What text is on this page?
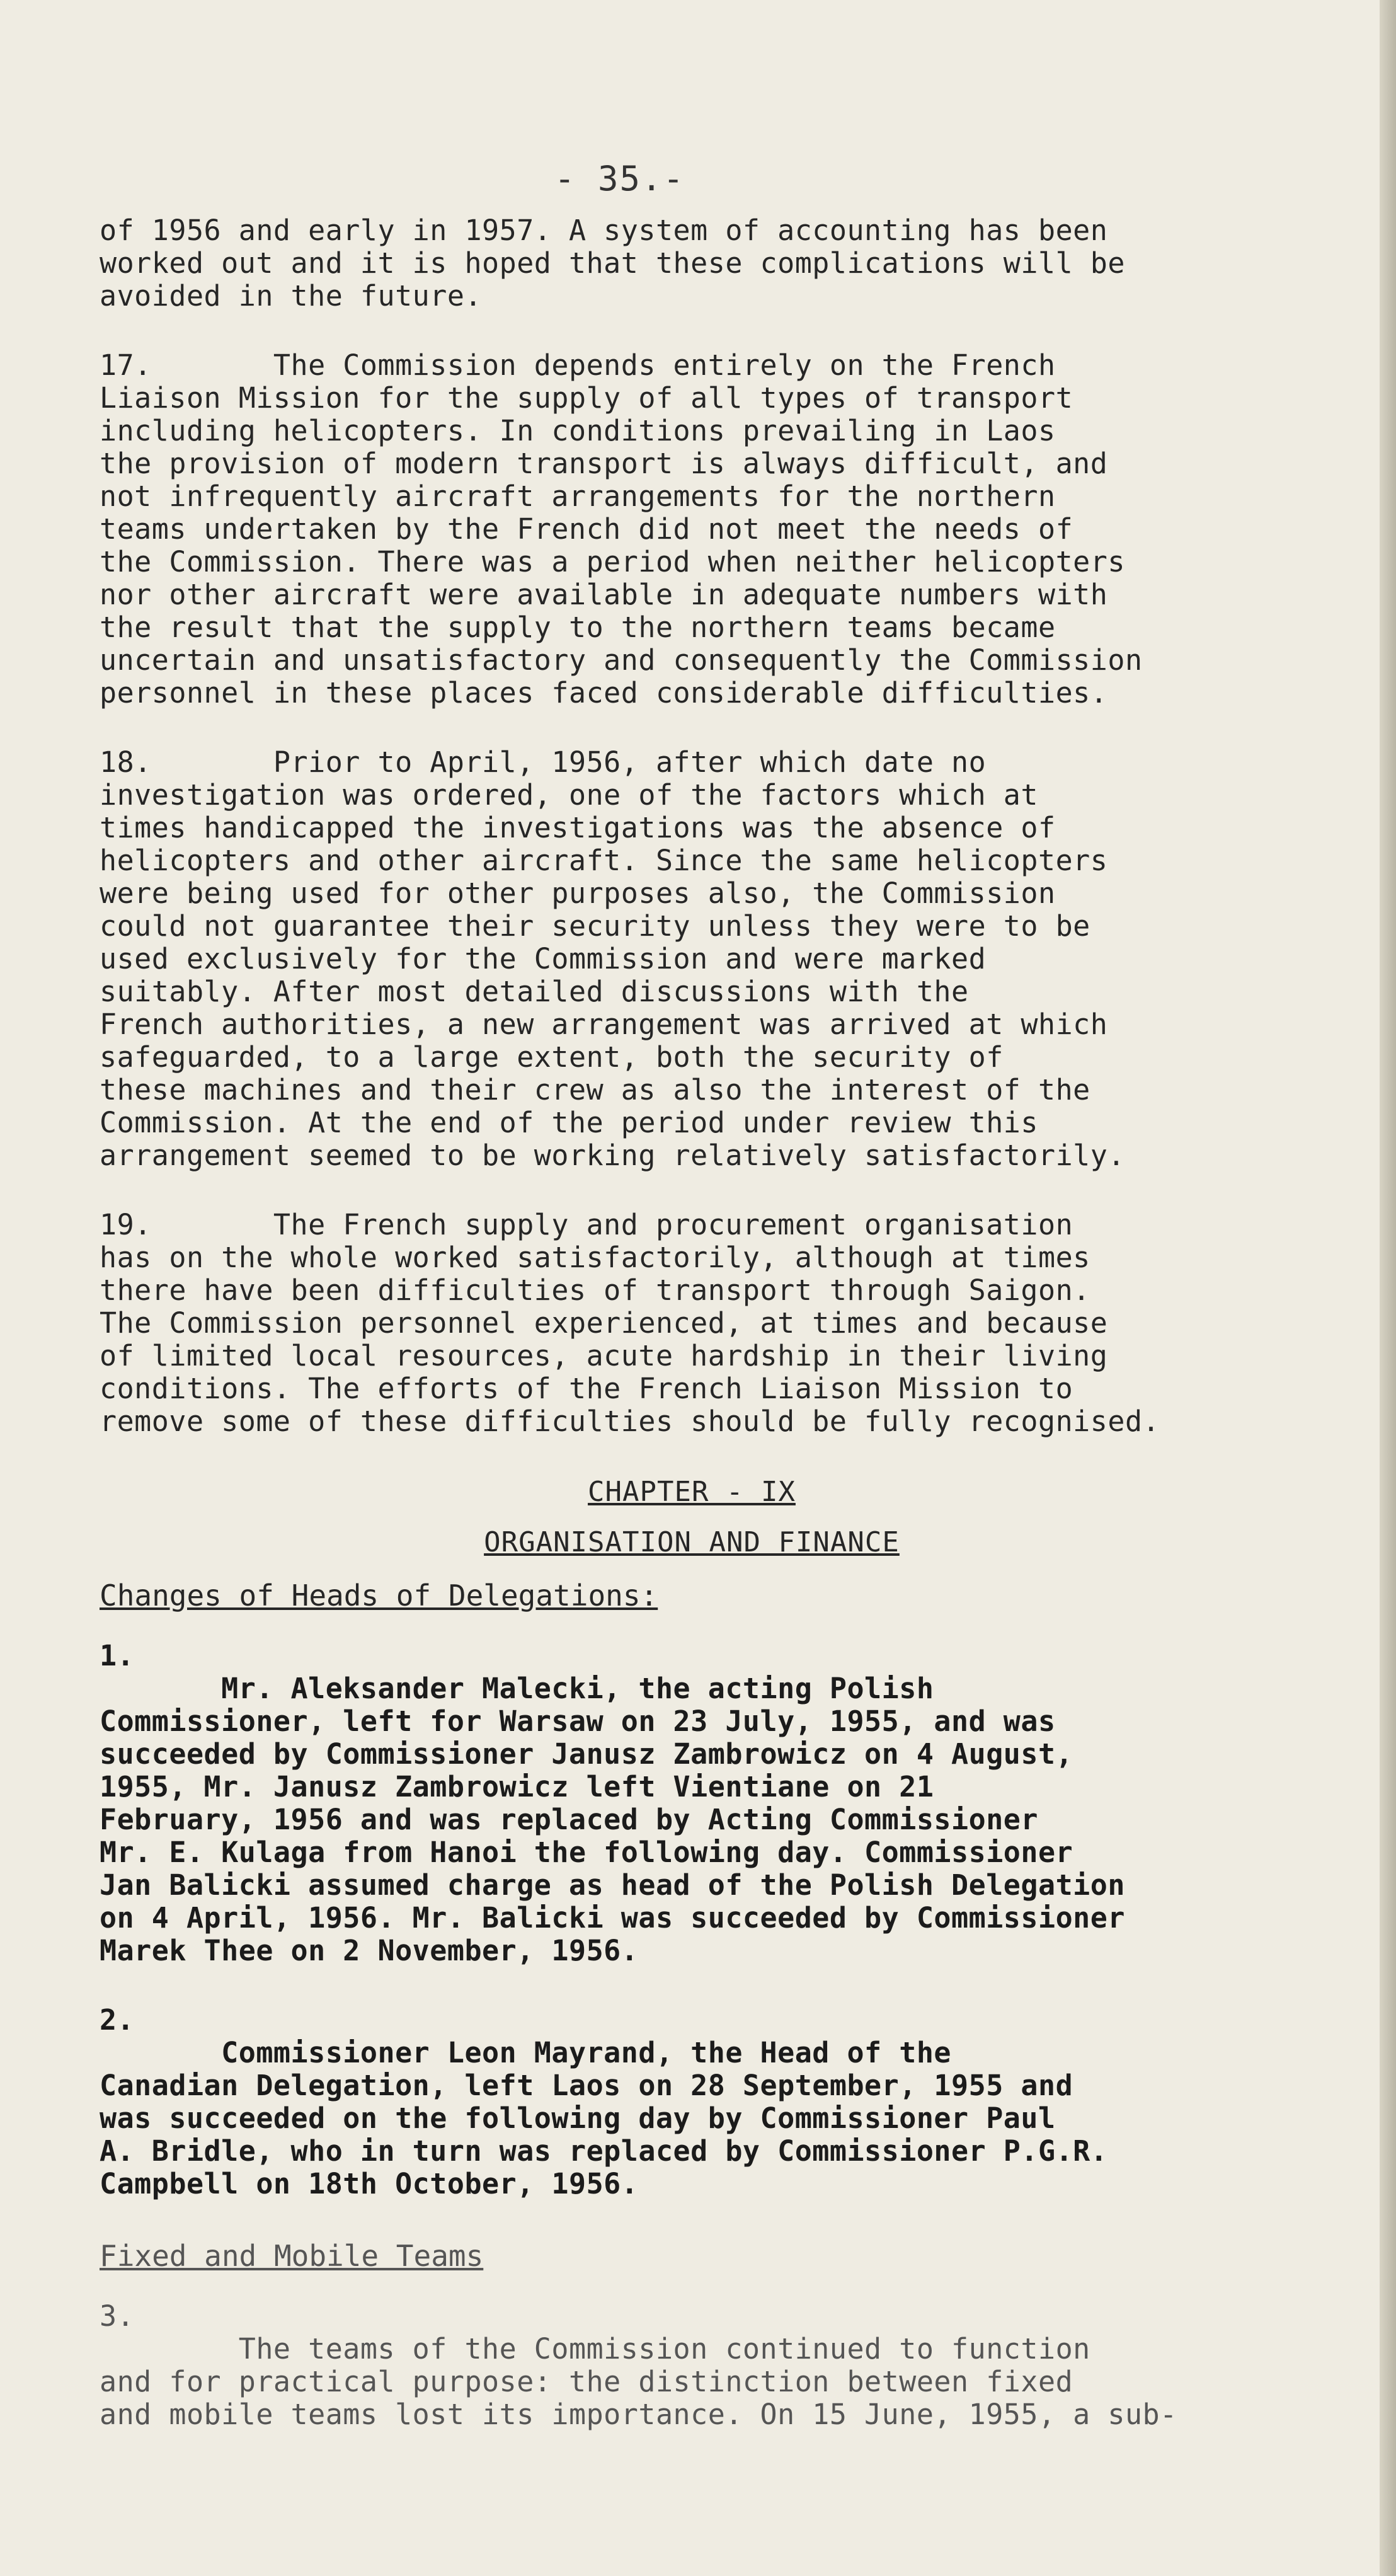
- 35.-
of 1956 and early in 1957. A system of accounting has been
worked out and it is hoped that these complications will be
avoided in the future.
17.       The Commission depends entirely on the French
Liaison Mission for the supply of all types of transport
including helicopters. In conditions prevailing in Laos
the provision of modern transport is always difficult, and
not infrequently aircraft arrangements for the northern
teams undertaken by the French did not meet the needs of
the Commission. There was a period when neither helicopters
nor other aircraft were available in adequate numbers with
the result that the supply to the northern teams became
uncertain and unsatisfactory and consequently the Commission
personnel in these places faced considerable difficulties.
18.       Prior to April, 1956, after which date no
investigation was ordered, one of the factors which at
times handicapped the investigations was the absence of
helicopters and other aircraft. Since the same helicopters
were being used for other purposes also, the Commission
could not guarantee their security unless they were to be
used exclusively for the Commission and were marked
suitably. After most detailed discussions with the
French authorities, a new arrangement was arrived at which
safeguarded, to a large extent, both the security of
these machines and their crew as also the interest of the
Commission. At the end of the period under review this
arrangement seemed to be working relatively satisfactorily.
19.       The French supply and procurement organisation
has on the whole worked satisfactorily, although at times
there have been difficulties of transport through Saigon.
The Commission personnel experienced, at times and because
of limited local resources, acute hardship in their living
conditions. The efforts of the French Liaison Mission to
remove some of these difficulties should be fully recognised.

CHAPTER - IX

ORGANISATION AND FINANCE

Changes of Heads of Delegations:
1.
Mr. Aleksander Malecki, the acting Polish
Commissioner, left for Warsaw on 23 July, 1955, and was
succeeded by Commissioner Janusz Zambrowicz on 4 August,
1955, Mr. Janusz Zambrowicz left Vientiane on 21
February, 1956 and was replaced by Acting Commissioner
Mr. E. Kulaga from Hanoi the following day. Commissioner
Jan Balicki assumed charge as head of the Polish Delegation
on 4 April, 1956. Mr. Balicki was succeeded by Commissioner
Marek Thee on 2 November, 1956.
2.
Commissioner Leon Mayrand, the Head of the
Canadian Delegation, left Laos on 28 September, 1955 and
was succeeded on the following day by Commissioner Paul
A. Bridle, who in turn was replaced by Commissioner P.G.R.
Campbell on 18th October, 1956.
Fixed and Mobile Teams
3.
The teams of the Commission continued to function
and for practical purpose: the distinction between fixed
and mobile teams lost its importance. On 15 June, 1955, a sub-
